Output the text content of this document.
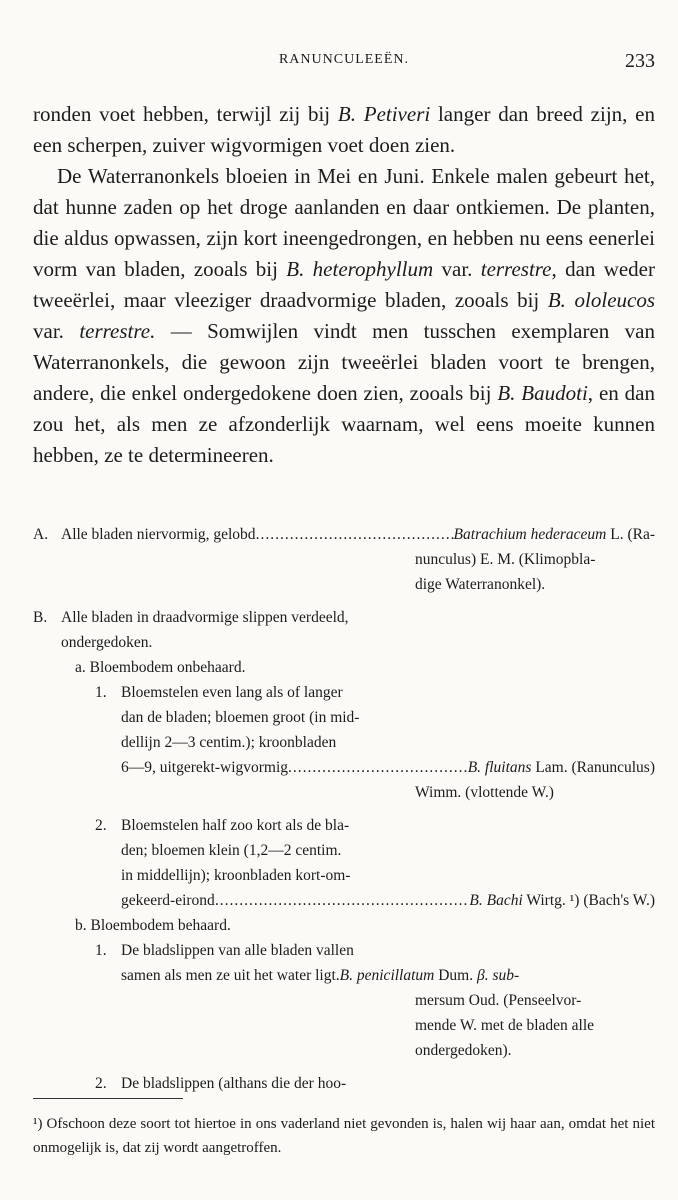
RANUNCULEEËN.	233

ronden voet hebben, terwijl zij bij B. Petiveri langer dan breed zijn, en een scherpen, zuiver wigvormigen voet doen zien.

De Waterranonkels bloeien in Mei en Juni. Enkele malen gebeurt het, dat hunne zaden op het droge aanlanden en daar ontkiemen. De planten, die aldus opwassen, zijn kort ineengedrongen, en hebben nu eens eenerlei vorm van bladen, zooals bij B. heterophyllum var. terrestre, dan weder tweeërlei, maar vleeziger draadvormige bladen, zooals bij B. ololeucos var. terrestre. — Somwijlen vindt men tusschen exemplaren van Waterranonkels, die gewoon zijn tweeërlei bladen voort te brengen, andere, die enkel ondergedokene doen zien, zooals bij B. Baudoti, en dan zou het, als men ze afzonderlijk waarnam, wel eens moeite kunnen hebben, ze te determineeren.

A. Alle bladen niervormig, gelobd .....	Batrachium hederaceum L. (Ra-
nunculus) E. M. (Klimopbla-
dige Waterranonkel).
B. Alle bladen in draadvormige slippen verdeeld,
ondergedoken.
a. Bloembodem onbehaard.
1. Bloemstelen even lang als of langer
dan de bladen; bloemen groot (in mid-
dellijn 2—3 centim.); kroonbladen
6—9, uitgerekt-wigvormig .....	B. fluitans Lam. (Ranunculus)
Wimm. (vlottende W.)
2. Bloemstelen half zoo kort als de bla-
den; bloemen klein (1,2—2 centim.
in middellijn); kroonbladen kort-om-
gekeerd-eirond .....	B. Bachi Wirtg. ¹) (Bach's W.)
b. Bloembodem behaard.
1. De bladslippen van alle bladen vallen
samen als men ze uit het water ligt. B. penicillatum Dum. β. sub-
mersum Oud. (Penseelvor-
mende W. met de bladen alle
ondergedoken).
2. De bladslippen (althans die der hoo-
¹) Ofschoon deze soort tot hiertoe in ons vaderland niet gevonden is, halen wij haar aan, omdat het niet onmogelijk is, dat zij wordt aangetroffen.
